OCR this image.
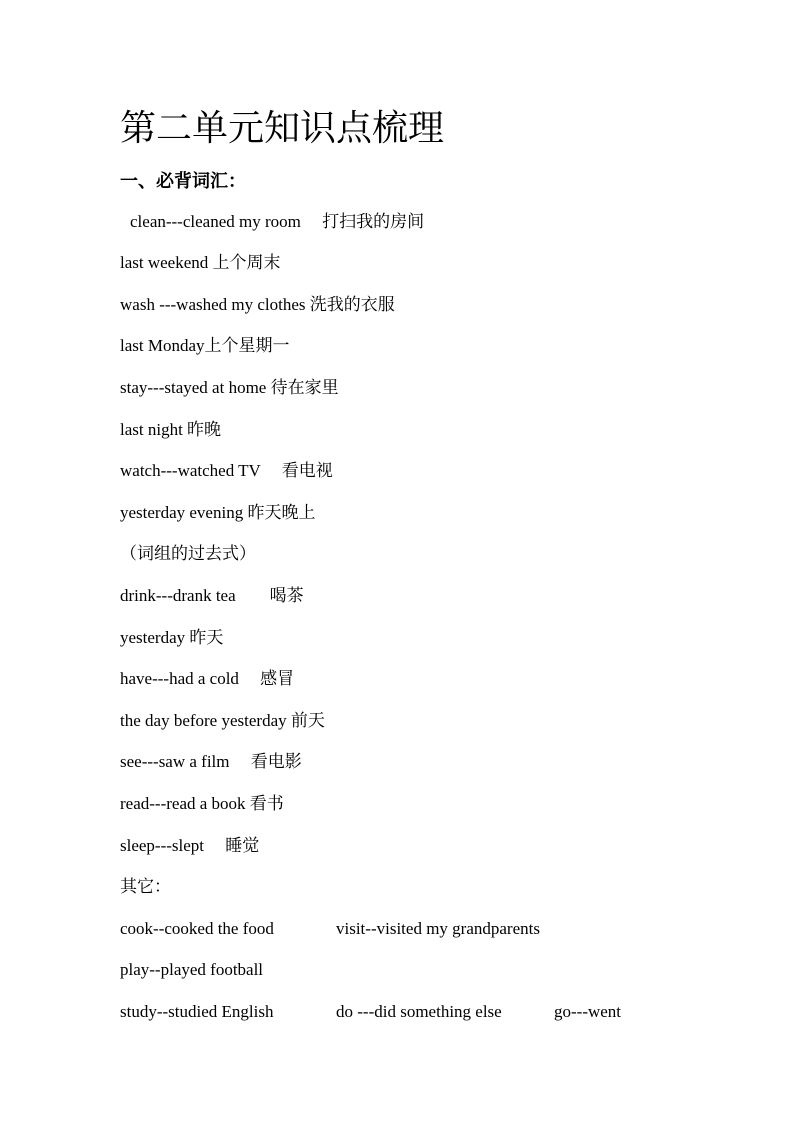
第二单元知识点梳理
一、必背词汇：
clean---cleaned my room　 打扫我的房间
last weekend 上个周末
wash ---washed my clothes 洗我的衣服
last Monday上个星期一
stay---stayed at home 待在家里
last night 昨晚
watch---watched TV　 看电视
yesterday evening 昨天晚上
（词组的过去式）
drink---drank tea　　喝茶
yesterday 昨天
have---had a cold　 感冒
the day before yesterday 前天
see---saw a film　 看电影
read---read a book 看书
sleep---slept　 睡觉
其它：
cook--cooked the food	visit--visited my grandparents
play--played football
study--studied English	do ---did something else	go---went
